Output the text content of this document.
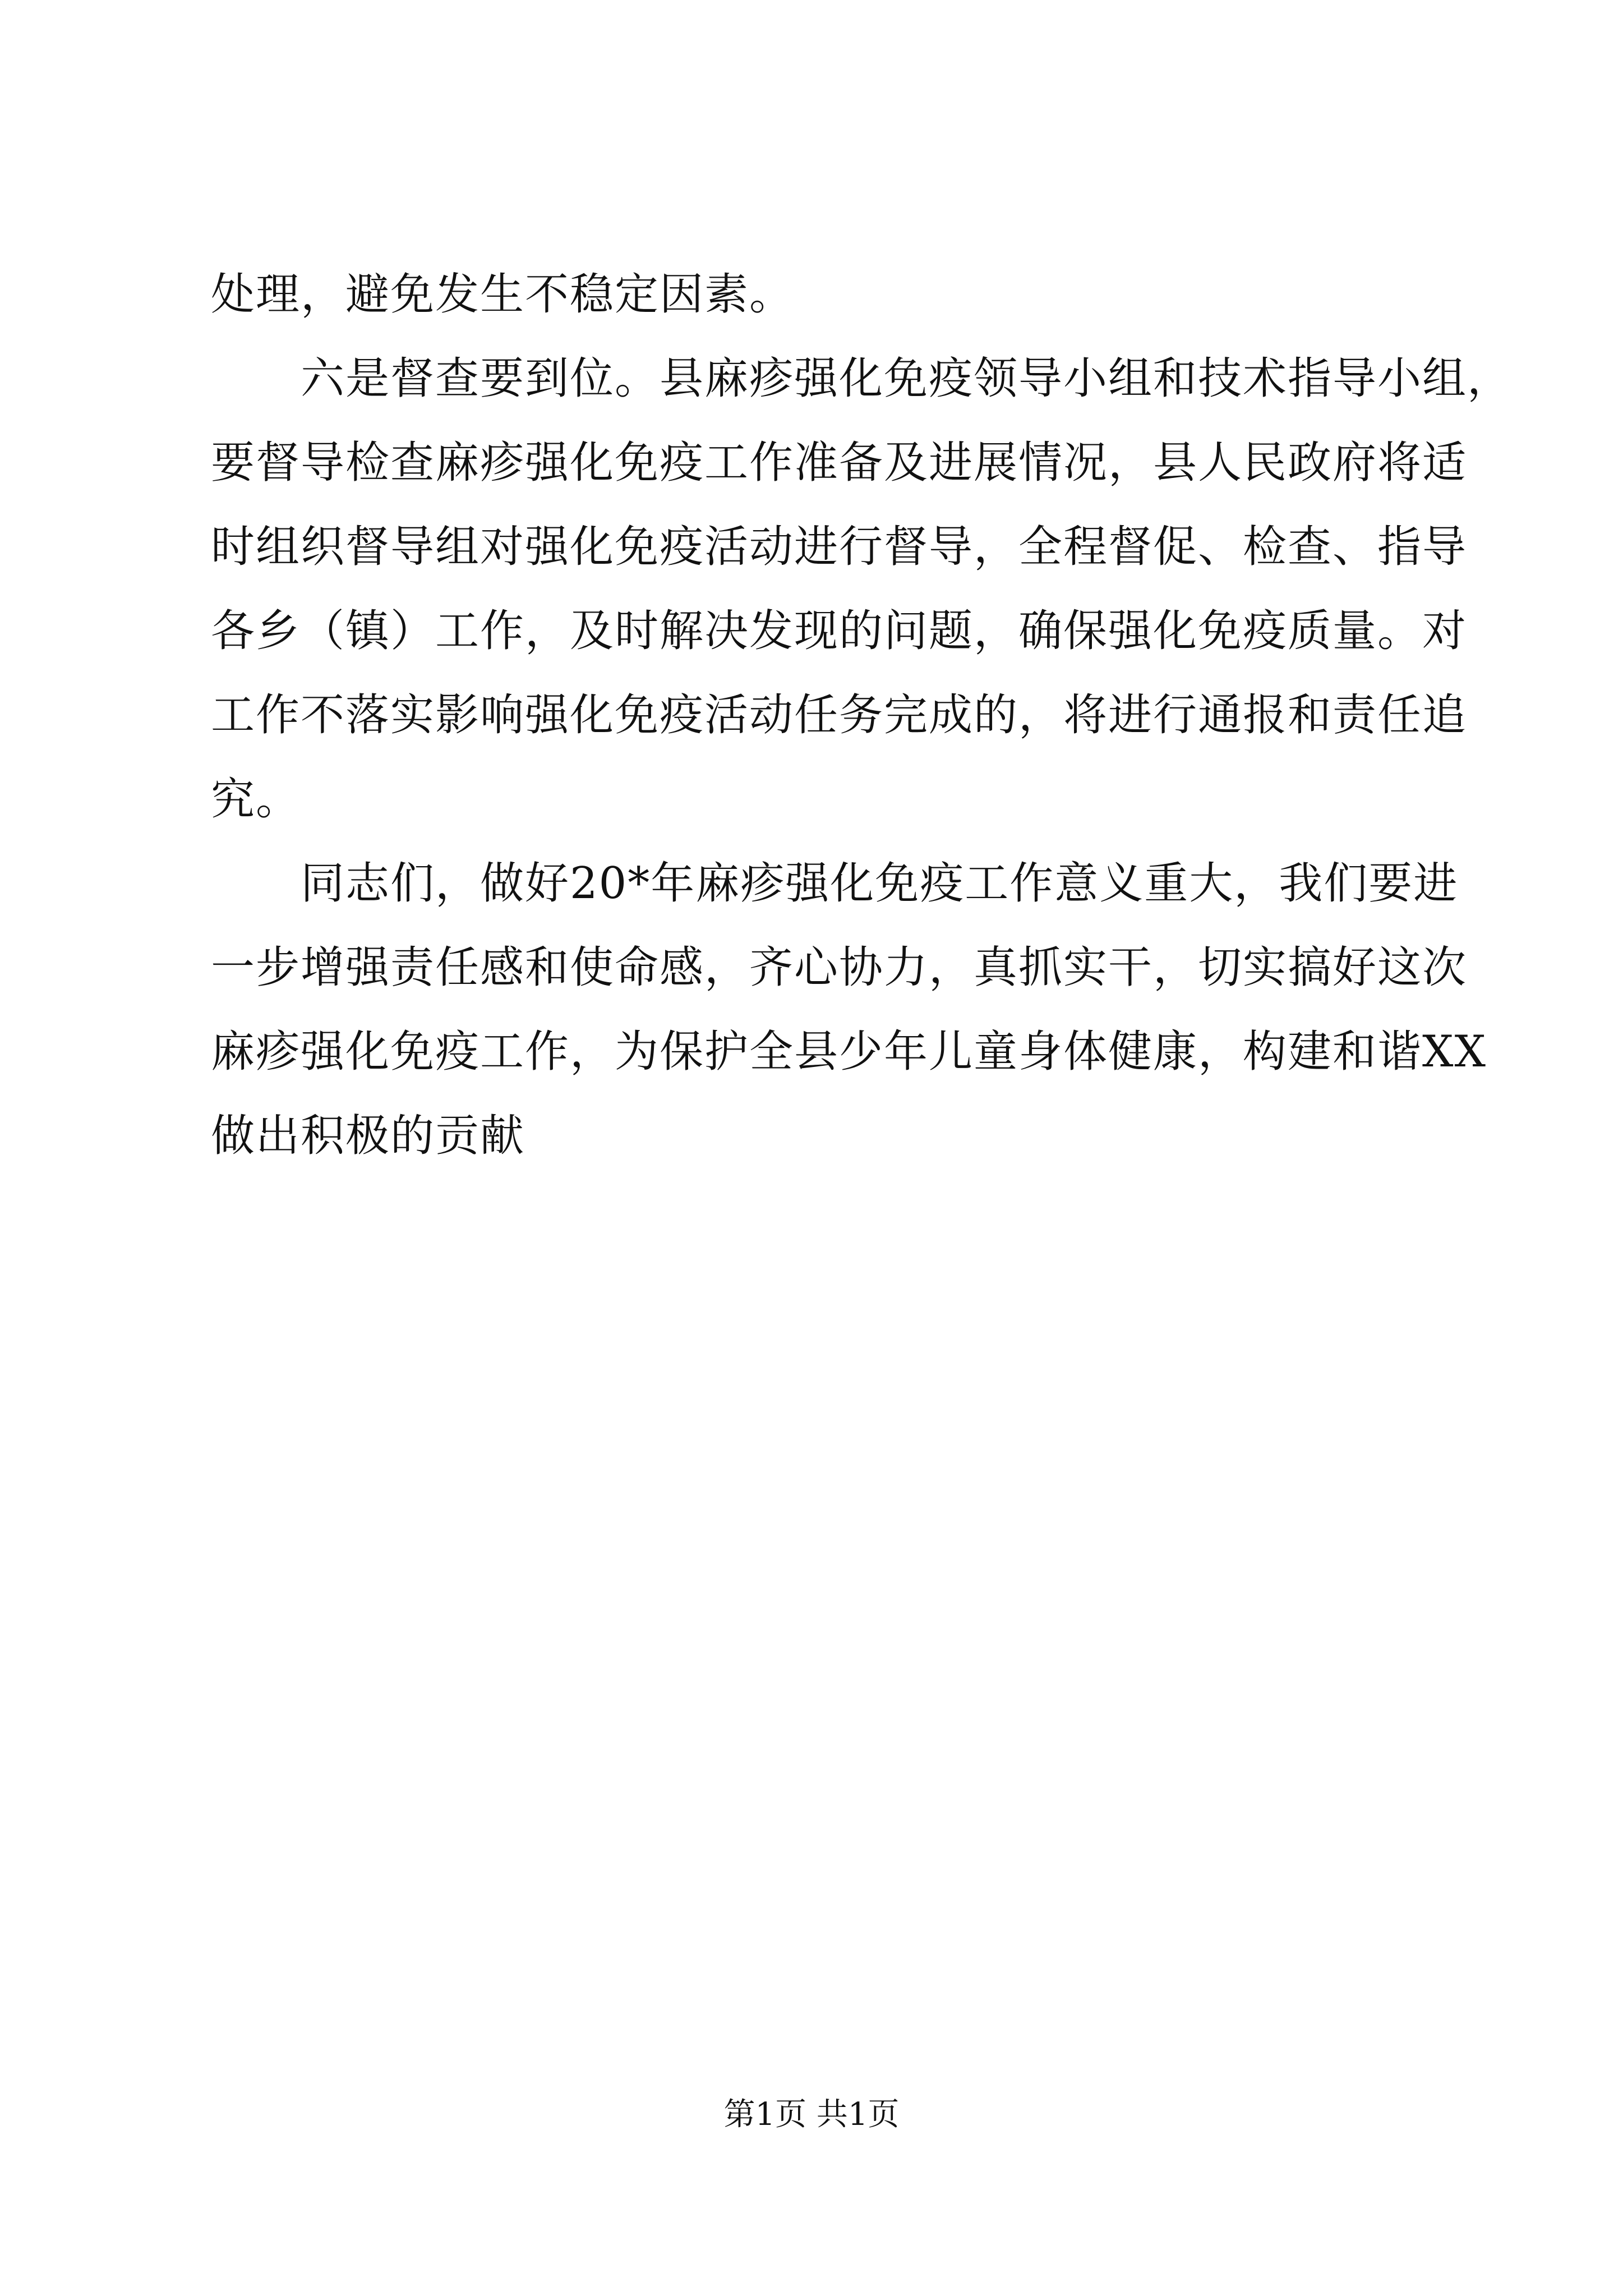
处理，避免发生不稳定因素。
　　六是督查要到位。县麻疹强化免疫领导小组和技术指导小组，
要督导检查麻疹强化免疫工作准备及进展情况，县人民政府将适
时组织督导组对强化免疫活动进行督导，全程督促、检查、指导
各乡（镇）工作，及时解决发现的问题，确保强化免疫质量。对
工作不落实影响强化免疫活动任务完成的，将进行通报和责任追
究。
　　同志们，做好20*年麻疹强化免疫工作意义重大，我们要进
一步增强责任感和使命感，齐心协力，真抓实干，切实搞好这次
麻疹强化免疫工作，为保护全县少年儿童身体健康，构建和谐XX
做出积极的贡献
第1页 共1页
